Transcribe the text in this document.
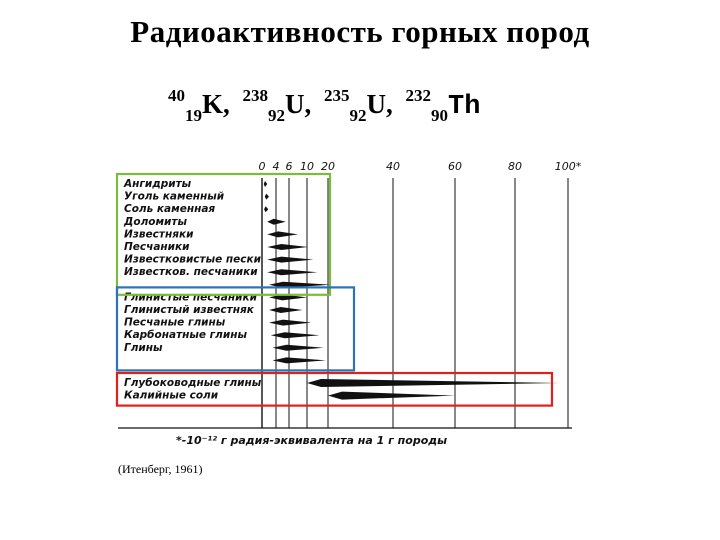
Радиоактивность горных пород
$^{40}_{19}$K, $^{238}_{92}$U, $^{235}_{92}$U, $^{232}_{90}$Th
0 4 6 10 20	40	60	80	100*
Ангидриты
Уголь каменный
Соль каменная
Доломиты
Известняки
Песчаники
Известковистые пески
Известков. песчаники
Глинистые песчаники
Глинистый известняк
Песчаные глины
Карбонатные глины
Глины
Глубоководные глины
Калийные соли
*-10⁻¹² г радия-эквивалента на 1 г породы
(Итенберг, 1961)
